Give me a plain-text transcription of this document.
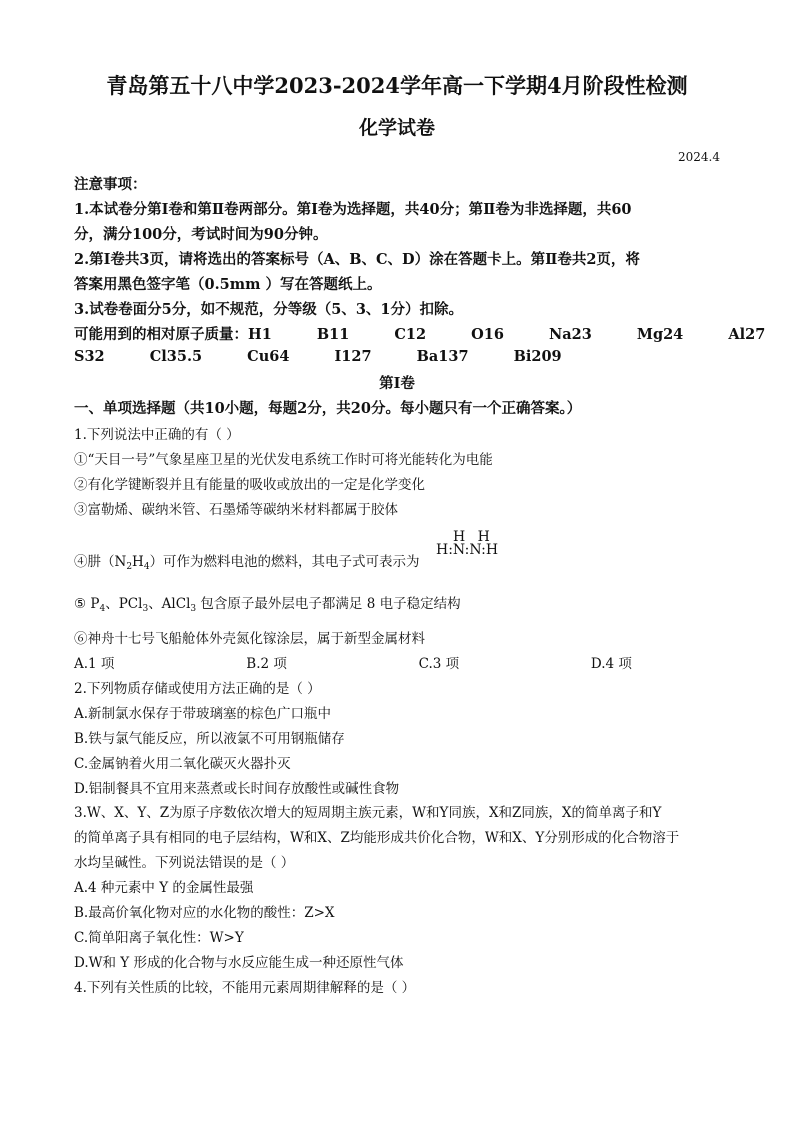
青岛第五十八中学2023-2024学年高一下学期4月阶段性检测
化学试卷
2024.4
注意事项：
1.本试卷分第Ⅰ卷和第Ⅱ卷两部分。第Ⅰ卷为选择题，共40分；第Ⅱ卷为非选择题，共60
分，满分100分，考试时间为90分钟。
2.第Ⅰ卷共3页，请将选出的答案标号（A、B、C、D）涂在答题卡上。第Ⅱ卷共2页，将
答案用黑色签字笔（0.5mm ）写在答题纸上。
3.试卷卷面分5分，如不规范，分等级（5、3、1分）扣除。
可能用到的相对原子质量：H1	B11	C12	O16	Na23	Mg24	Al27
S32	Cl35.5	Cu64	I127	Ba137	Bi209
第Ⅰ卷
一、单项选择题（共10小题，每题2分，共20分。每小题只有一个正确答案。）
1.下列说法中正确的有（ ）
①“天目一号”气象星座卫星的光伏发电系统工作时可将光能转化为电能
②有化学键断裂并且有能量的吸收或放出的一定是化学变化
③富勒烯、碳纳米管、石墨烯等碳纳米材料都属于胶体
④肼$(N_2H_4)$可作为燃料电池的燃料，其电子式可表示为
H H
H:N:N:H
⑤ $P_4$、PCl$_3$、AlCl$_3$ 包含原子最外层电子都满足 8 电子稳定结构
⑥神舟十七号飞船舱体外壳氮化镓涂层，属于新型金属材料
A.1 项	B.2 项	C.3 项	D.4 项
2.下列物质存储或使用方法正确的是（ ）
A.新制氯水保存于带玻璃塞的棕色广口瓶中
B.铁与氯气能反应，所以液氯不可用钢瓶储存
C.金属钠着火用二氧化碳灭火器扑灭
D.铝制餐具不宜用来蒸煮或长时间存放酸性或碱性食物
3.W、X、Y、Z为原子序数依次增大的短周期主族元素，W和Y同族，X和Z同族，X的简单离子和Y
的简单离子具有相同的电子层结构，W和X、Z均能形成共价化合物，W和X、Y分别形成的化合物溶于
水均呈碱性。下列说法错误的是（ ）
A.4 种元素中 Y 的金属性最强
B.最高价氧化物对应的水化物的酸性：Z>X
C.简单阳离子氧化性：W>Y
D.W和 Y 形成的化合物与水反应能生成一种还原性气体
4.下列有关性质的比较，不能用元素周期律解释的是（ ）
